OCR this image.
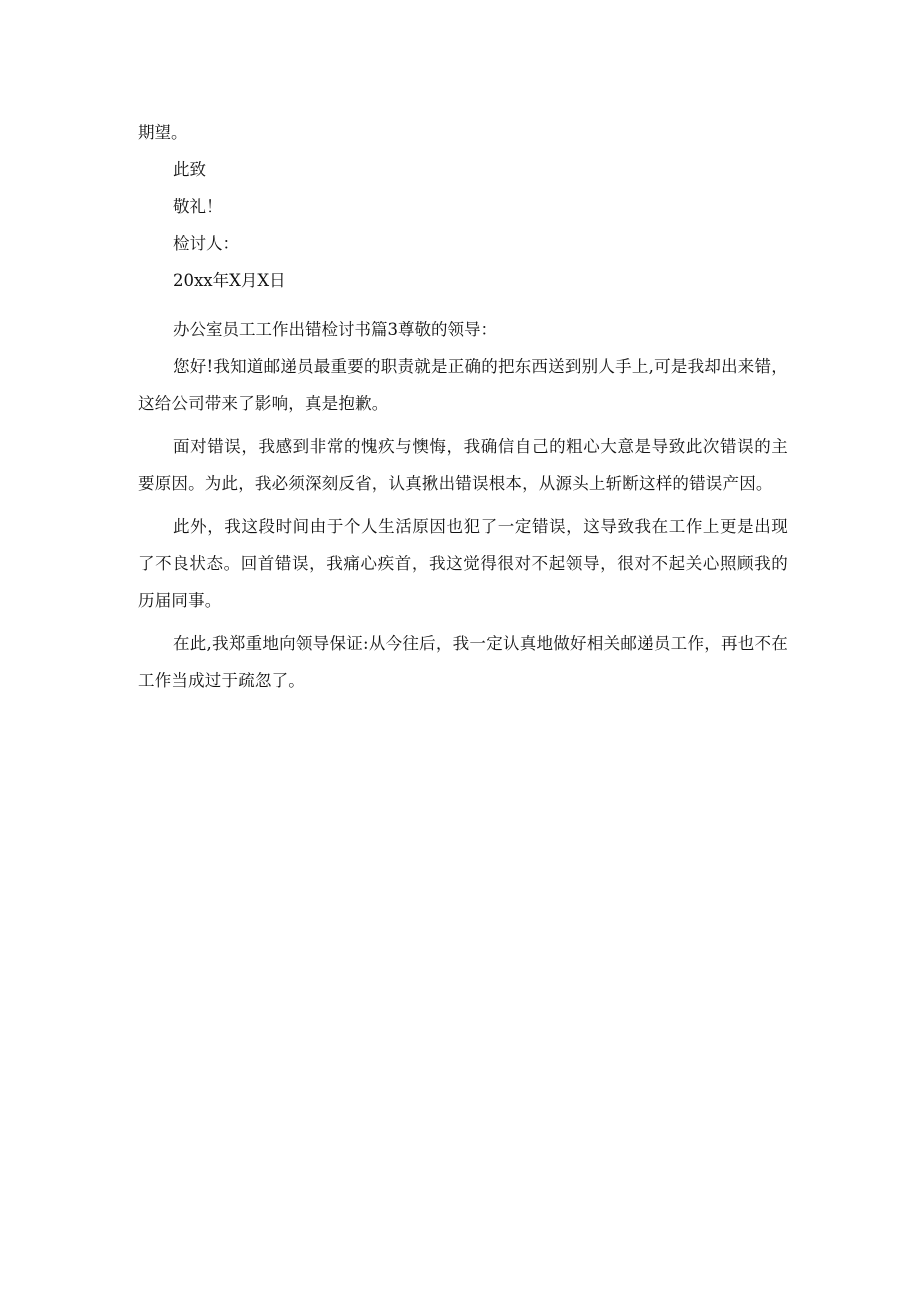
期望。

此致

敬礼！

检讨人：

20xx年X月X日

办公室员工工作出错检讨书篇3尊敬的领导：

您好!我知道邮递员最重要的职责就是正确的把东西送到别人手上,可是我却出来错，这给公司带来了影响，真是抱歉。

面对错误，我感到非常的愧疚与懊悔，我确信自己的粗心大意是导致此次错误的主要原因。为此，我必须深刻反省，认真揪出错误根本，从源头上斩断这样的错误产因。

此外，我这段时间由于个人生活原因也犯了一定错误，这导致我在工作上更是出现了不良状态。回首错误，我痛心疾首，我这觉得很对不起领导，很对不起关心照顾我的历届同事。

在此,我郑重地向领导保证:从今往后，我一定认真地做好相关邮递员工作，再也不在工作当成过于疏忽了。
